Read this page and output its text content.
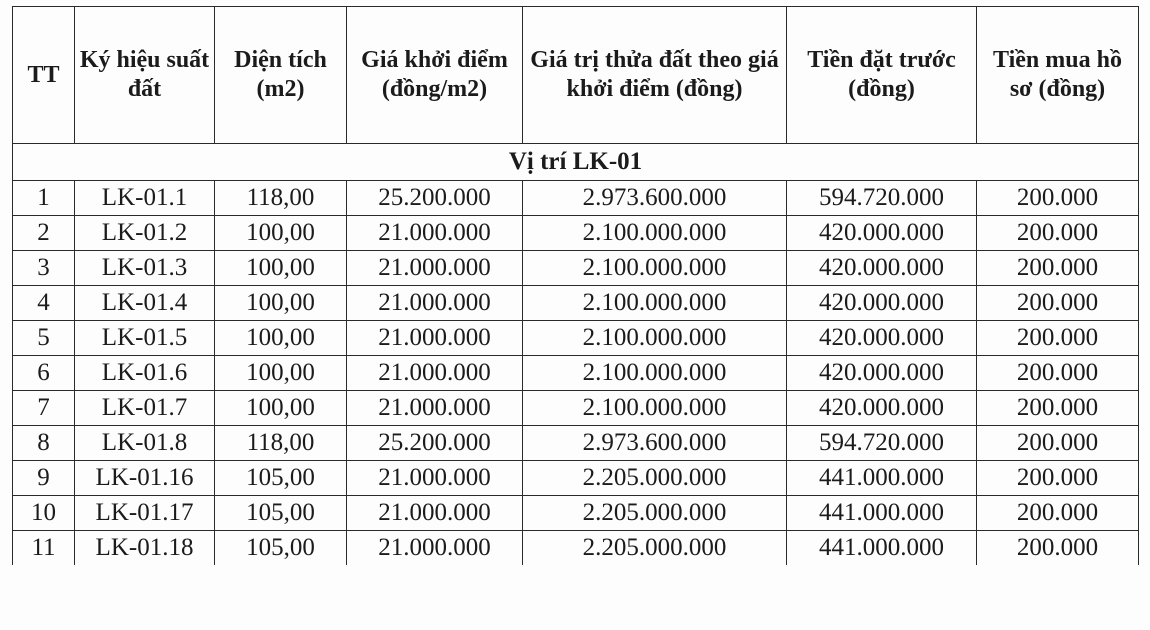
TT	Ký hiệu suất đất	Diện tích (m2)	Giá khởi điểm (đồng/m2)	Giá trị thửa đất theo giá khởi điểm (đồng)	Tiền đặt trước (đồng)	Tiền mua hồ sơ (đồng)
Vị trí LK-01						
1	LK-01.1	118,00	25.200.000	2.973.600.000	594.720.000	200.000
2	LK-01.2	100,00	21.000.000	2.100.000.000	420.000.000	200.000
3	LK-01.3	100,00	21.000.000	2.100.000.000	420.000.000	200.000
4	LK-01.4	100,00	21.000.000	2.100.000.000	420.000.000	200.000
5	LK-01.5	100,00	21.000.000	2.100.000.000	420.000.000	200.000
6	LK-01.6	100,00	21.000.000	2.100.000.000	420.000.000	200.000
7	LK-01.7	100,00	21.000.000	2.100.000.000	420.000.000	200.000
8	LK-01.8	118,00	25.200.000	2.973.600.000	594.720.000	200.000
9	LK-01.16	105,00	21.000.000	2.205.000.000	441.000.000	200.000
10	LK-01.17	105,00	21.000.000	2.205.000.000	441.000.000	200.000
11	LK-01.18	105,00	21.000.000	2.205.000.000	441.000.000	200.000
